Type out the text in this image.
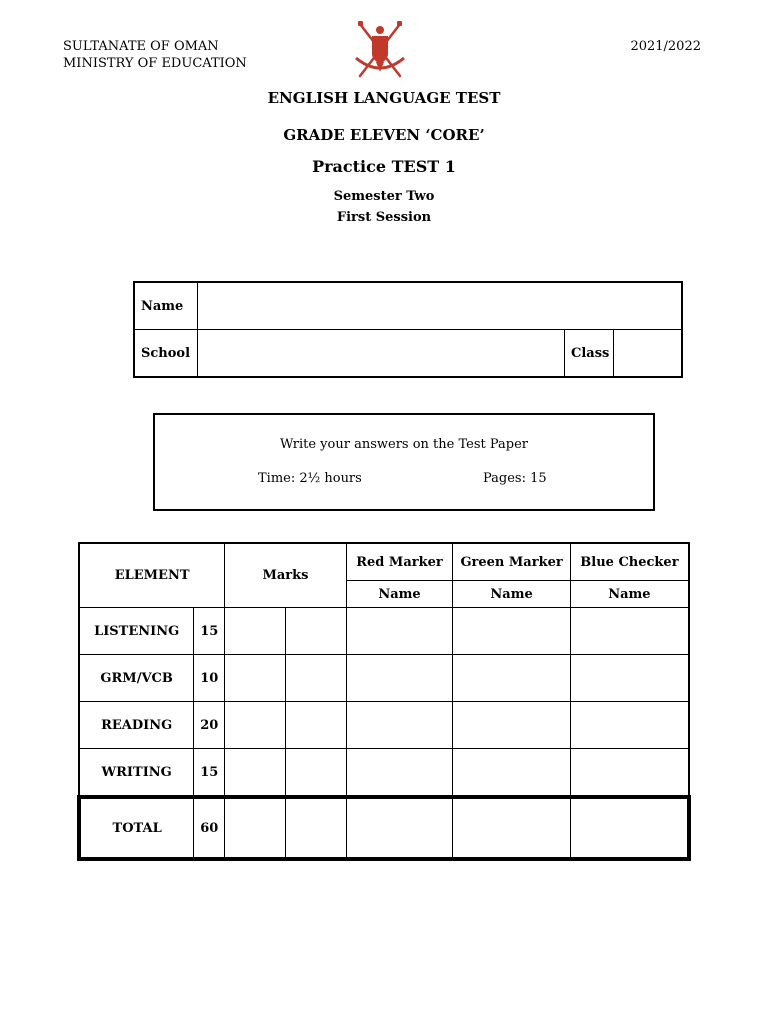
SULTANATE OF OMAN
MINISTRY OF EDUCATION
2021/2022
ENGLISH LANGUAGE TEST
GRADE ELEVEN ‘CORE’
Practice TEST 1
Semester Two
First Session
Name			
School		Class	
Write your answers on the Test Paper
Time: 2½ hours	Pages: 15
ELEMENT		Marks		Red Marker	Green Marker	Blue Checker
				Name	Name	Name
LISTENING	15					
GRM/VCB	10					
READING	20					
WRITING	15					
TOTAL	60					
